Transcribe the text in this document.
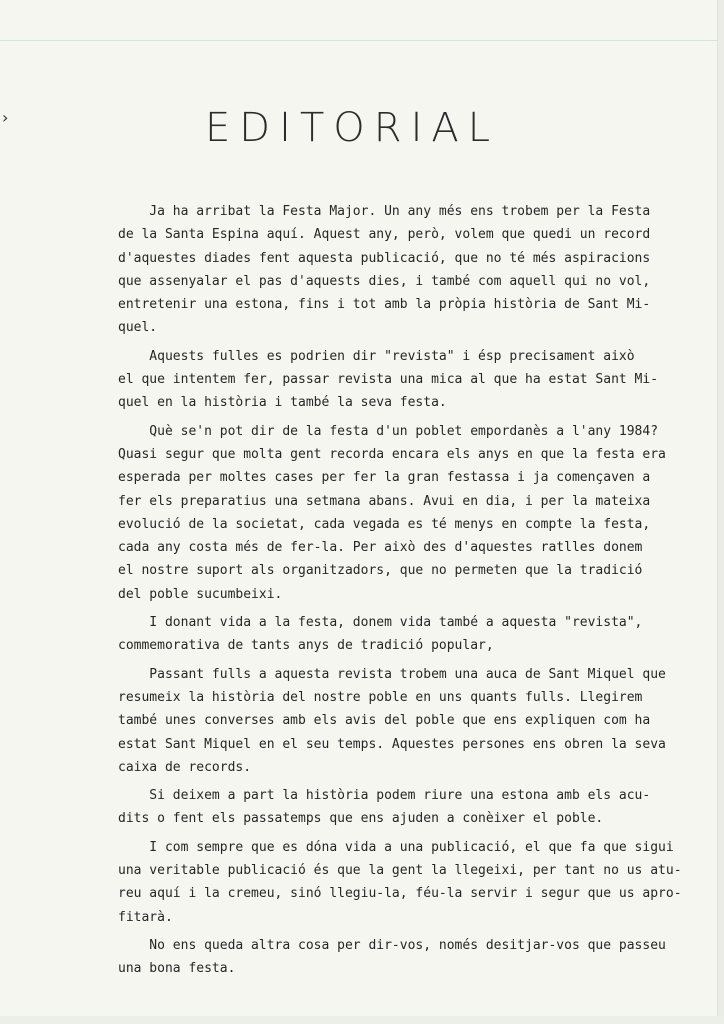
›	EDITORIAL
Ja ha arribat la Festa Major. Un any més ens trobem per la Festa
de la Santa Espina aquí. Aquest any, però, volem que quedi un record
d'aquestes diades fent aquesta publicació, que no té més aspiracions
que assenyalar el pas d'aquests dies, i també com aquell qui no vol,
entretenir una estona, fins i tot amb la pròpia història de Sant Mi-
quel.
Aquests fulles es podrien dir "revista" i ésp precisament això
el que intentem fer, passar revista una mica al que ha estat Sant Mi-
quel en la història i també la seva festa.
Què se'n pot dir de la festa d'un poblet empordanès a l'any 1984?
Quasi segur que molta gent recorda encara els anys en que la festa era
esperada per moltes cases per fer la gran festassa i ja començaven a
fer els preparatius una setmana abans. Avui en dia, i per la mateixa
evolució de la societat, cada vegada es té menys en compte la festa,
cada any costa més de fer-la. Per això des d'aquestes ratlles donem
el nostre suport als organitzadors, que no permeten que la tradició
del poble sucumbeixi.
I donant vida a la festa, donem vida també a aquesta "revista",
commemorativa de tants anys de tradició popular,
Passant fulls a aquesta revista trobem una auca de Sant Miquel que
resumeix la història del nostre poble en uns quants fulls. Llegirem
també unes converses amb els avis del poble que ens expliquen com ha
estat Sant Miquel en el seu temps. Aquestes persones ens obren la seva
caixa de records.
Si deixem a part la història podem riure una estona amb els acu-
dits o fent els passatemps que ens ajuden a conèixer el poble.
I com sempre que es dóna vida a una publicació, el que fa que sigui
una veritable publicació és que la gent la llegeixi, per tant no us atu-
reu aquí i la cremeu, sinó llegiu-la, féu-la servir i segur que us apro-
fitarà.
No ens queda altra cosa per dir-vos, només desitjar-vos que passeu
una bona festa.
